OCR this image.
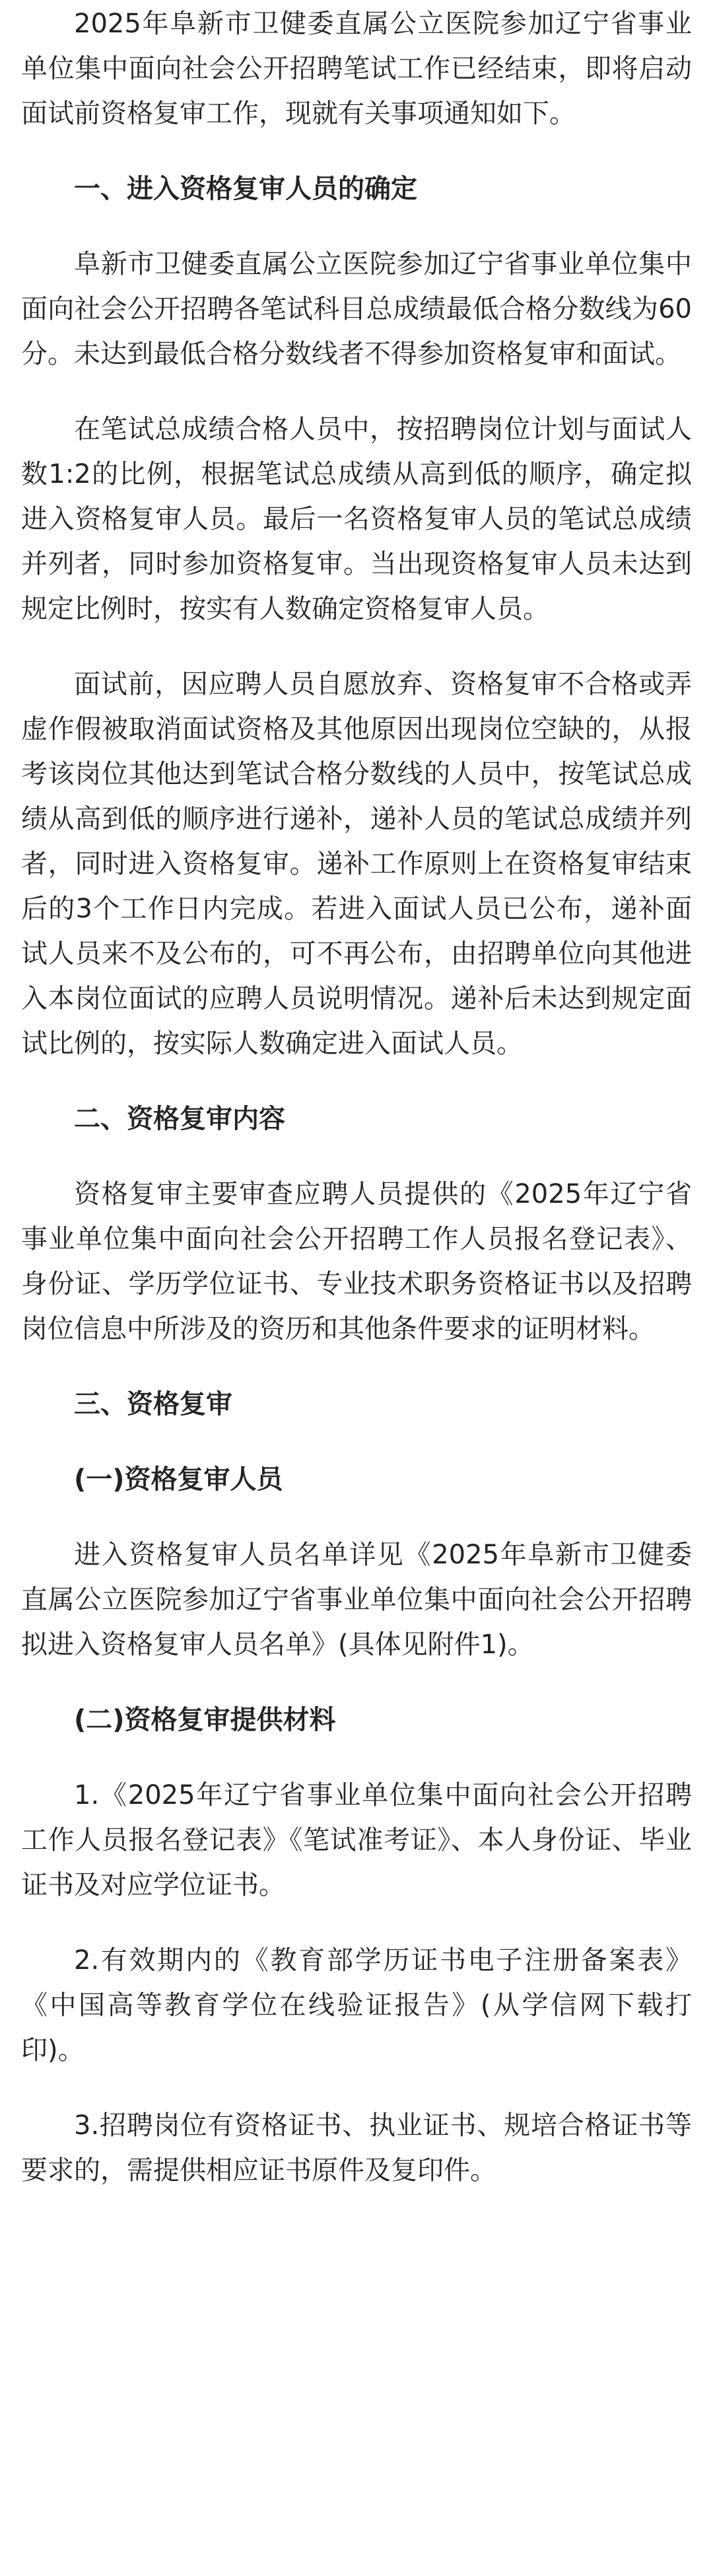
2025年阜新市卫健委直属公立医院参加辽宁省事业单位集中面向社会公开招聘笔试工作已经结束，即将启动面试前资格复审工作，现就有关事项通知如下。

一、进入资格复审人员的确定

阜新市卫健委直属公立医院参加辽宁省事业单位集中面向社会公开招聘各笔试科目总成绩最低合格分数线为60分。未达到最低合格分数线者不得参加资格复审和面试。

在笔试总成绩合格人员中，按招聘岗位计划与面试人数1:2的比例，根据笔试总成绩从高到低的顺序，确定拟进入资格复审人员。最后一名资格复审人员的笔试总成绩并列者，同时参加资格复审。当出现资格复审人员未达到规定比例时，按实有人数确定资格复审人员。

面试前，因应聘人员自愿放弃、资格复审不合格或弄虚作假被取消面试资格及其他原因出现岗位空缺的，从报考该岗位其他达到笔试合格分数线的人员中，按笔试总成绩从高到低的顺序进行递补，递补人员的笔试总成绩并列者，同时进入资格复审。递补工作原则上在资格复审结束后的3个工作日内完成。若进入面试人员已公布，递补面试人员来不及公布的，可不再公布，由招聘单位向其他进入本岗位面试的应聘人员说明情况。递补后未达到规定面试比例的，按实际人数确定进入面试人员。

二、资格复审内容

资格复审主要审查应聘人员提供的《2025年辽宁省事业单位集中面向社会公开招聘工作人员报名登记表》、身份证、学历学位证书、专业技术职务资格证书以及招聘岗位信息中所涉及的资历和其他条件要求的证明材料。

三、资格复审

(一)资格复审人员

进入资格复审人员名单详见《2025年阜新市卫健委直属公立医院参加辽宁省事业单位集中面向社会公开招聘拟进入资格复审人员名单》(具体见附件1)。

(二)资格复审提供材料

1.《2025年辽宁省事业单位集中面向社会公开招聘工作人员报名登记表》《笔试准考证》、本人身份证、毕业证书及对应学位证书。

2.有效期内的《教育部学历证书电子注册备案表》《中国高等教育学位在线验证报告》(从学信网下载打印)。

3.招聘岗位有资格证书、执业证书、规培合格证书等要求的，需提供相应证书原件及复印件。
